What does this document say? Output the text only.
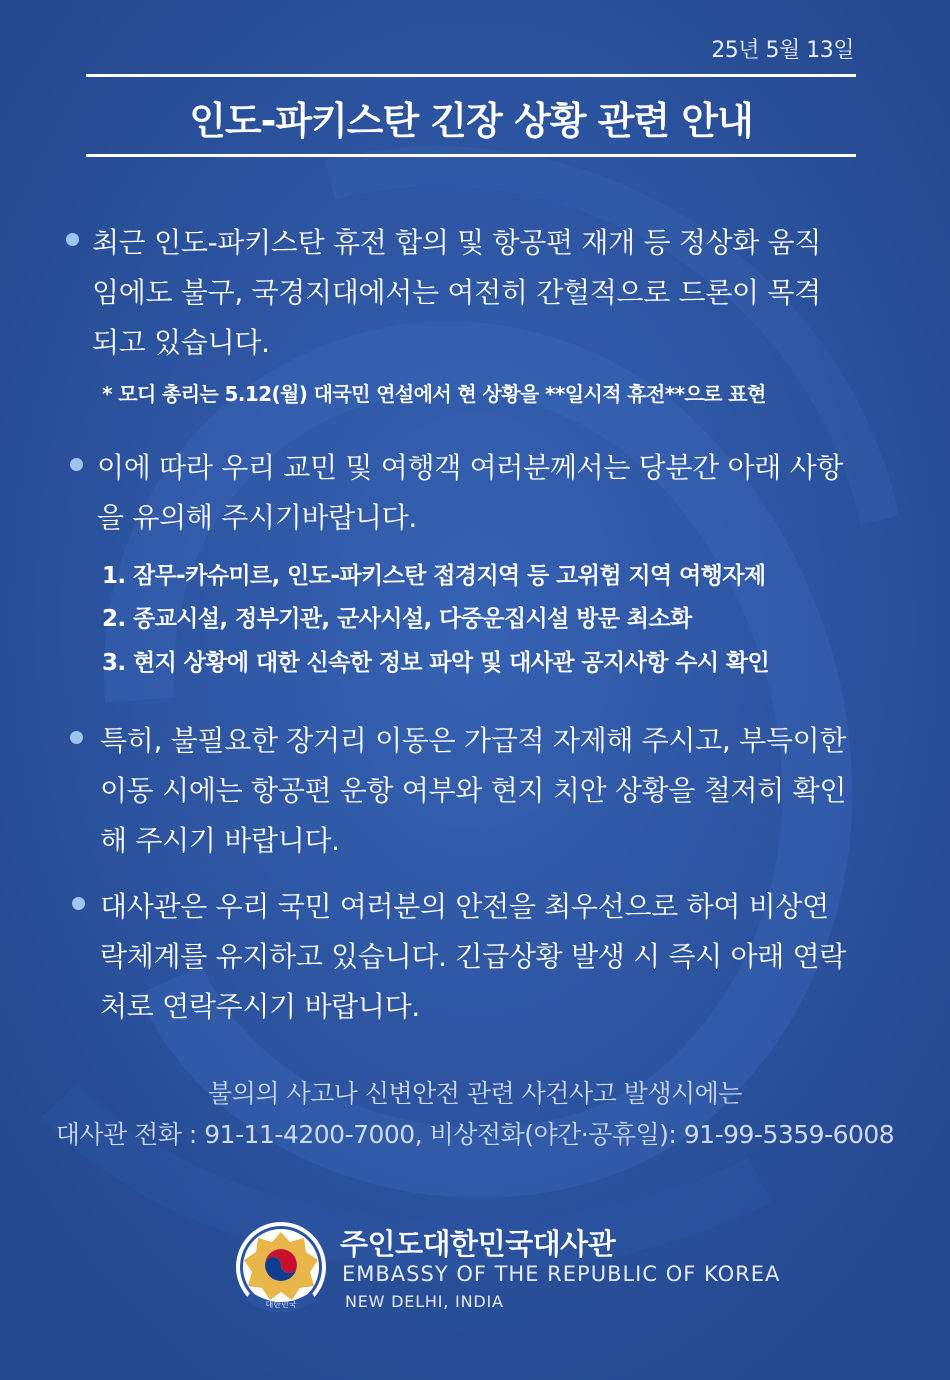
25년 5월 13일
인도-파키스탄 긴장 상황 관련 안내
최근 인도-파키스탄 휴전 합의 및 항공편 재개 등 정상화 움직
임에도 불구, 국경지대에서는 여전히 간헐적으로 드론이 목격
되고 있습니다.
* 모디 총리는 5.12(월) 대국민 연설에서 현 상황을 **일시적 휴전**으로 표현
이에 따라 우리 교민 및 여행객 여러분께서는 당분간 아래 사항
을 유의해 주시기바랍니다.
1. 잠무-카슈미르, 인도-파키스탄 접경지역 등 고위험 지역 여행자제
2. 종교시설, 정부기관, 군사시설, 다중운집시설 방문 최소화
3. 현지 상황에 대한 신속한 정보 파악 및 대사관 공지사항 수시 확인
특히, 불필요한 장거리 이동은 가급적 자제해 주시고, 부득이한
이동 시에는 항공편 운항 여부와 현지 치안 상황을 철저히 확인
해 주시기 바랍니다.
대사관은 우리 국민 여러분의 안전을 최우선으로 하여 비상연
락체계를 유지하고 있습니다. 긴급상황 발생 시 즉시 아래 연락
처로 연락주시기 바랍니다.
불의의 사고나 신변안전 관련 사건사고 발생시에는
대사관 전화 : 91-11-4200-7000, 비상전화(야간·공휴일): 91-99-5359-6008
대한민국
주인도대한민국대사관
EMBASSY OF THE REPUBLIC OF KOREA
NEW DELHI, INDIA
